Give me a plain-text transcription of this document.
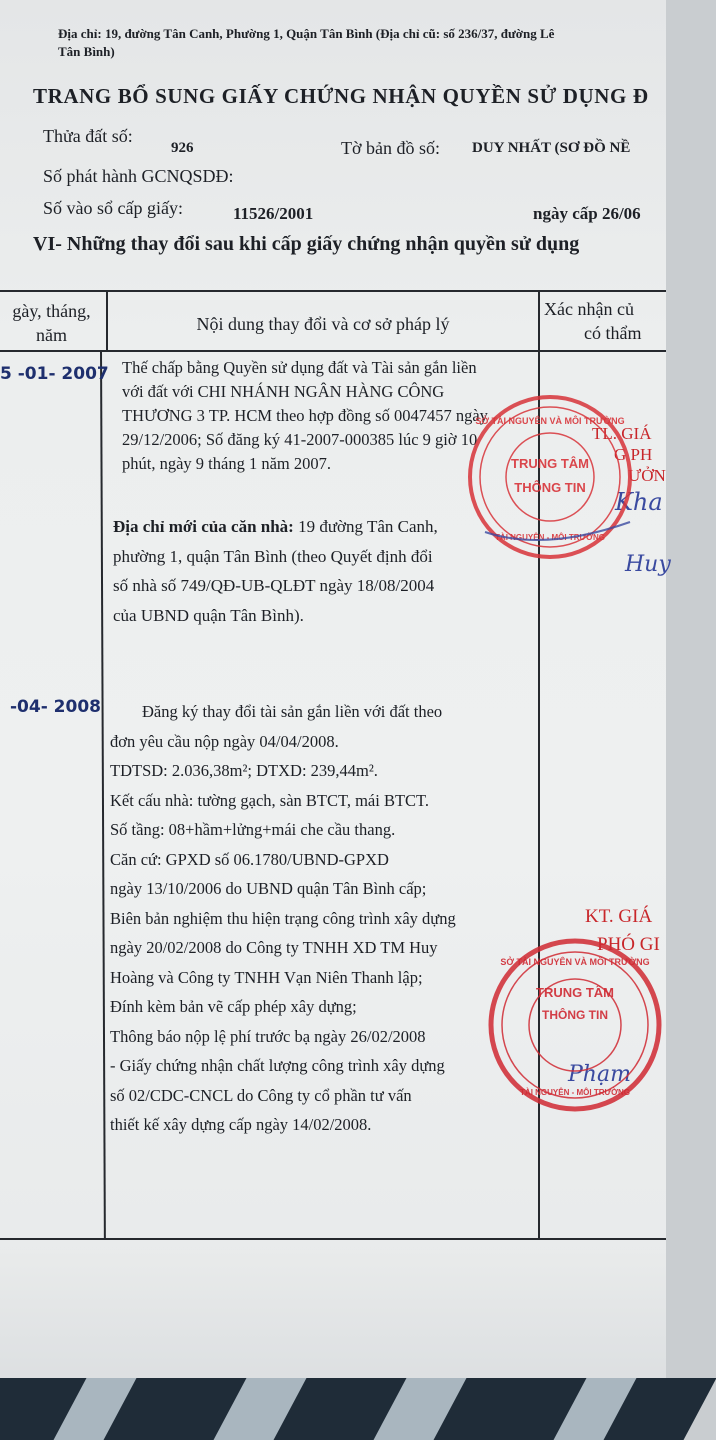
Địa chỉ: 19, đường Tân Canh, Phường 1, Quận Tân Bình (Địa chỉ cũ: số 236/37, đường Lê
Tân Bình)
TRANG BỔ SUNG GIẤY CHỨNG NHẬN QUYỀN SỬ DỤNG Đ
Thửa đất số:
926	Tờ bản đồ số: DUY NHẤT (SƠ ĐỒ NỀ
Số phát hành GCNQSDĐ:
Số vào sổ cấp giấy:	11526/2001	ngày cấp 26/06
VI- Những thay đổi sau khi cấp giấy chứng nhận quyền sử dụng
gày, tháng,
năm
Nội dung thay đổi và cơ sở pháp lý
Xác nhận củ
có thẩm
5 -01- 2007 Thế chấp bằng Quyền sử dụng đất và Tài sản gắn liền
với đất với CHI NHÁNH NGÂN HÀNG CÔNG
THƯƠNG 3 TP. HCM theo hợp đồng số 0047457 ngày
29/12/2006; Số đăng ký 41-2007-000385 lúc 9 giờ 10
phút, ngày 9 tháng 1 năm 2007.
Địa chỉ mới của căn nhà: 19 đường Tân Canh,
phường 1, quận Tân Bình (theo Quyết định đổi
số nhà số 749/QĐ-UB-QLĐT ngày 18/08/2004
của UBND quận Tân Bình).
TL. GIÁ
G PH
ƯỞN
Kha
Huy
TRUNG TÂM
THÔNG TIN
SỞ TÀI NGUYÊN VÀ MÔI TRƯỜNG
TÀI NGUYÊN - MÔI TRƯỜNG
-04- 2008	Đăng ký thay đổi tài sản gắn liền với đất theo
đơn yêu cầu nộp ngày 04/04/2008.
TDTSD: 2.036,38m²; DTXD: 239,44m².
Kết cấu nhà: tường gạch, sàn BTCT, mái BTCT.
Số tầng: 08+hầm+lửng+mái che cầu thang.
Căn cứ: GPXD số 06.1780/UBND-GPXD
ngày 13/10/2006 do UBND quận Tân Bình cấp;
Biên bản nghiệm thu hiện trạng công trình xây dựng
ngày 20/02/2008 do Công ty TNHH XD TM Huy
Hoàng và Công ty TNHH Vạn Niên Thanh lập;
Đính kèm bản vẽ cấp phép xây dựng;
Thông báo nộp lệ phí trước bạ ngày 26/02/2008
- Giấy chứng nhận chất lượng công trình xây dựng
số 02/CDC-CNCL do Công ty cổ phần tư vấn
thiết kế xây dựng cấp ngày 14/02/2008.
KT. GIÁ
PHÓ GI
Phạm
TRUNG TÂM
THÔNG TIN
SỞ TÀI NGUYÊN VÀ MÔI TRƯỜNG
TÀI NGUYÊN - MÔI TRƯỜNG
